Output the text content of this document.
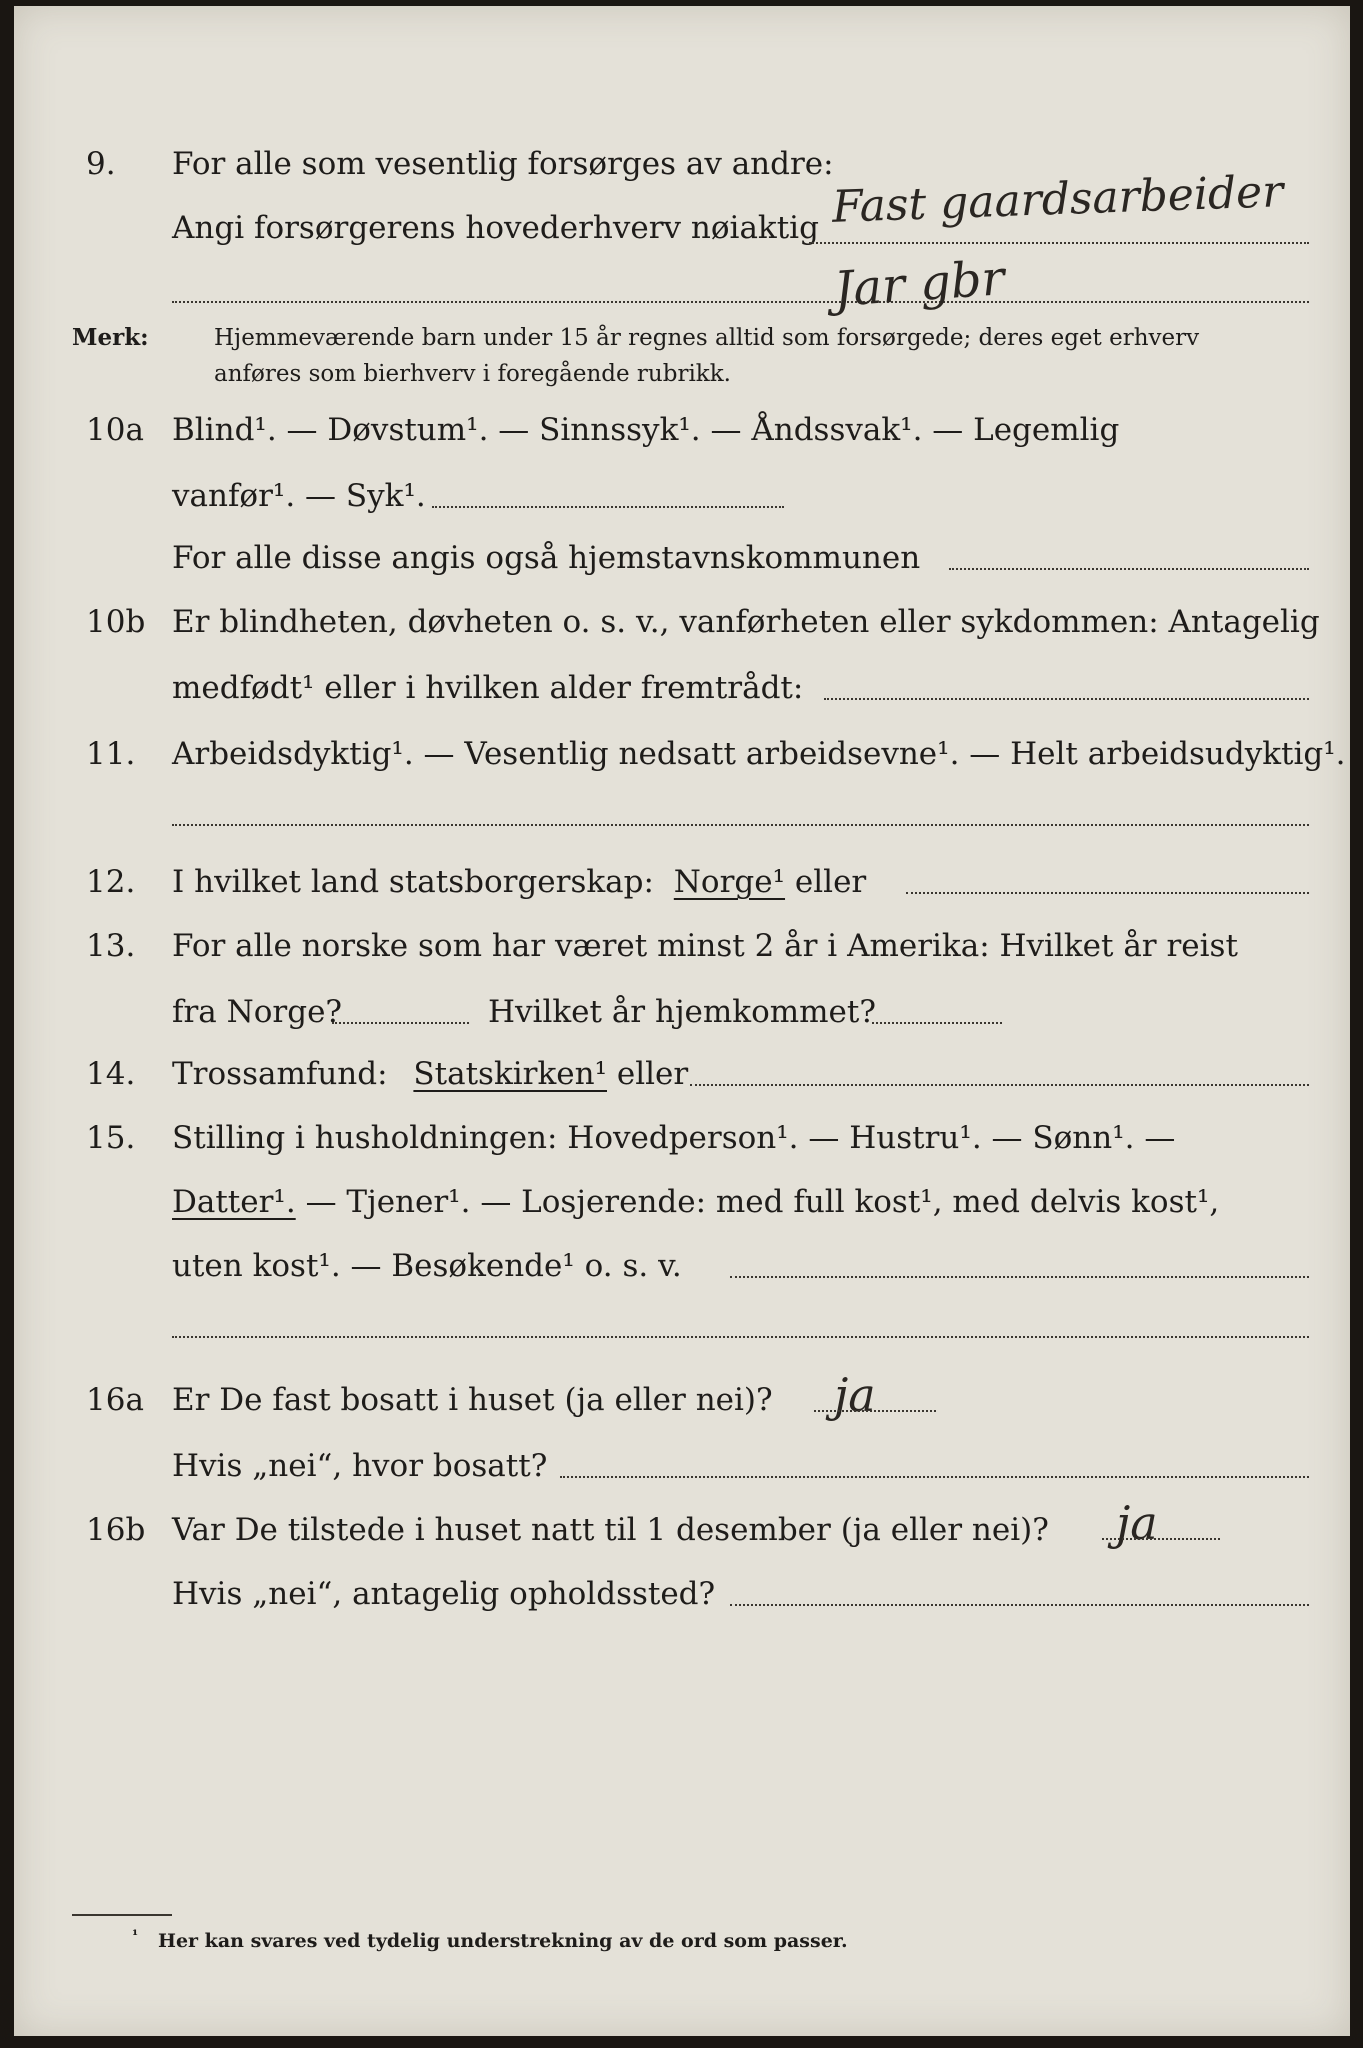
9. For alle som vesentlig forsørges av andre:
Angi forsørgerens hovederhverv nøiaktig Fast gaardsarbeider
Jar gbr
Merk:	Hjemmeværende barn under 15 år regnes alltid som forsørgede; deres eget erhverv
anføres som bierhverv i foregående rubrikk.
10a Blind¹. — Døvstum¹. — Sinnssyk¹. — Åndssvak¹. — Legemlig
vanfør¹. — Syk¹.
For alle disse angis også hjemstavnskommunen
10b Er blindheten, døvheten o. s. v., vanførheten eller sykdommen: Antagelig
medfødt¹ eller i hvilken alder fremtrådt:
11. Arbeidsdyktig¹. — Vesentlig nedsatt arbeidsevne¹. — Helt arbeidsudyktig¹.
12. I hvilket land statsborgerskap: Norge¹ eller
13. For alle norske som har været minst 2 år i Amerika: Hvilket år reist
fra Norge?	Hvilket år hjemkommet?
14. Trossamfund: Statskirken¹ eller
15. Stilling i husholdningen: Hovedperson¹. — Hustru¹. — Sønn¹. —
Datter¹. — Tjener¹. — Losjerende: med full kost¹, med delvis kost¹,
uten kost¹. — Besøkende¹ o. s. v.
16a Er De fast bosatt i huset (ja eller nei)? ja
Hvis „nei“, hvor bosatt?
16b Var De tilstede i huset natt til 1 desember (ja eller nei)? ja
Hvis „nei“, antagelig opholdssted?
¹ Her kan svares ved tydelig understrekning av de ord som passer.
